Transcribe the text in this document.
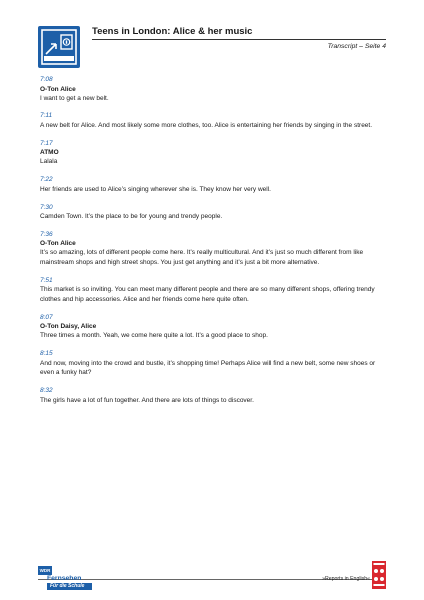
Teens in London: Alice & her music
Transcript – Seite 4
7:08
O-Ton Alice
I want to get a new belt.
7:11
A new belt for Alice. And most likely some more clothes, too. Alice is entertaining her friends by singing in the street.
7:17
ATMO
Lalala
7:22
Her friends are used to Alice’s singing wherever she is. They know her very well.
7:30
Camden Town. It’s the place to be for young and trendy people.
7:36
O-Ton Alice
It’s so amazing, lots of different people come here. It’s really multicultural. And it’s just so much different from like mainstream shops and high street shops. You just get anything and it’s just a bit more alternative.
7:51
This market is so inviting. You can meet many different people and there are so many different shops, offering trendy clothes and hip accessories. Alice and her friends come here quite often.
8:07
O-Ton Daisy, Alice
Three times a month. Yeah, we come here quite a lot. It’s a good place to shop.
8:15
And now, moving into the crowd and bustle, it’s shopping time! Perhaps Alice will find a new belt, some new shoes or even a funky hat?
8:32
The girls have a lot of fun together. And there are lots of things to discover.
WDR
Fernsehen
Für die Schule
»Reports in English«
